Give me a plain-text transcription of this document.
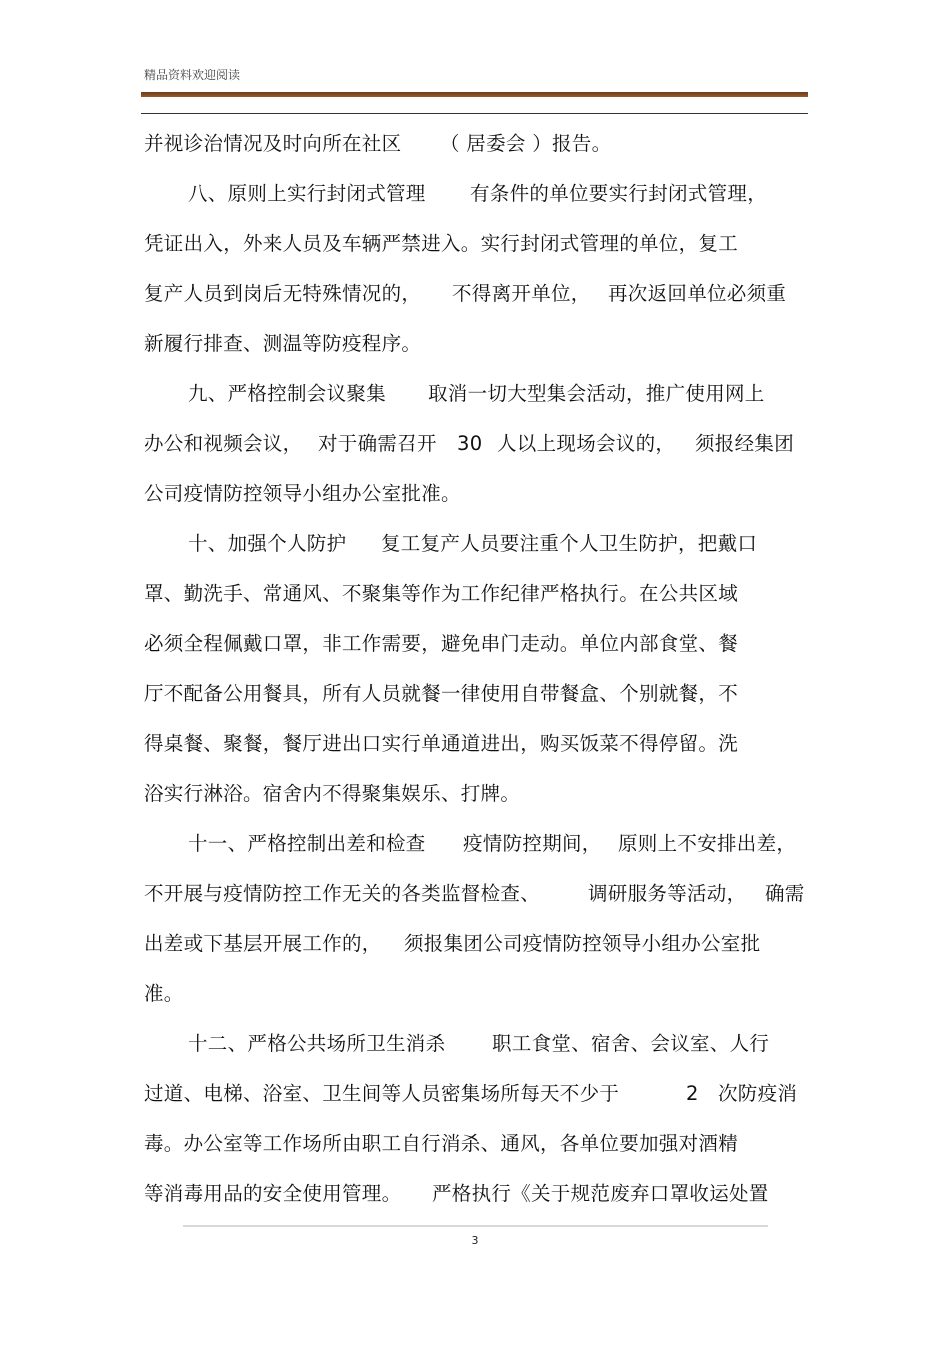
精品资料欢迎阅读
并视诊治情况及时向所在社区 （ 居委会 ）报告。
八、原则上实行封闭式管理 有条件的单位要实行封闭式管理，
凭证出入，外来人员及车辆严禁进入。实行封闭式管理的单位，复工
复产人员到岗后无特殊情况的， 不得离开单位， 再次返回单位必须重
新履行排查、测温等防疫程序。
九、严格控制会议聚集 取消一切大型集会活动，推广使用网上
办公和视频会议， 对于确需召开 30 人以上现场会议的， 须报经集团
公司疫情防控领导小组办公室批准。
十、加强个人防护 复工复产人员要注重个人卫生防护，把戴口
罩、勤洗手、常通风、不聚集等作为工作纪律严格执行。在公共区域
必须全程佩戴口罩，非工作需要，避免串门走动。单位内部食堂、餐
厅不配备公用餐具，所有人员就餐一律使用自带餐盒、个别就餐，不
得桌餐、聚餐，餐厅进出口实行单通道进出，购买饭菜不得停留。洗
浴实行淋浴。宿舍内不得聚集娱乐、打牌。
十一、严格控制出差和检查 疫情防控期间， 原则上不安排出差，
不开展与疫情防控工作无关的各类监督检查、 调研服务等活动， 确需
出差或下基层开展工作的， 须报集团公司疫情防控领导小组办公室批
准。
十二、严格公共场所卫生消杀 职工食堂、宿舍、会议室、人行
过道、电梯、浴室、卫生间等人员密集场所每天不少于	2 次防疫消
毒。办公室等工作场所由职工自行消杀、通风，各单位要加强对酒精
等消毒用品的安全使用管理。 严格执行《关于规范废弃口罩收运处置
3
